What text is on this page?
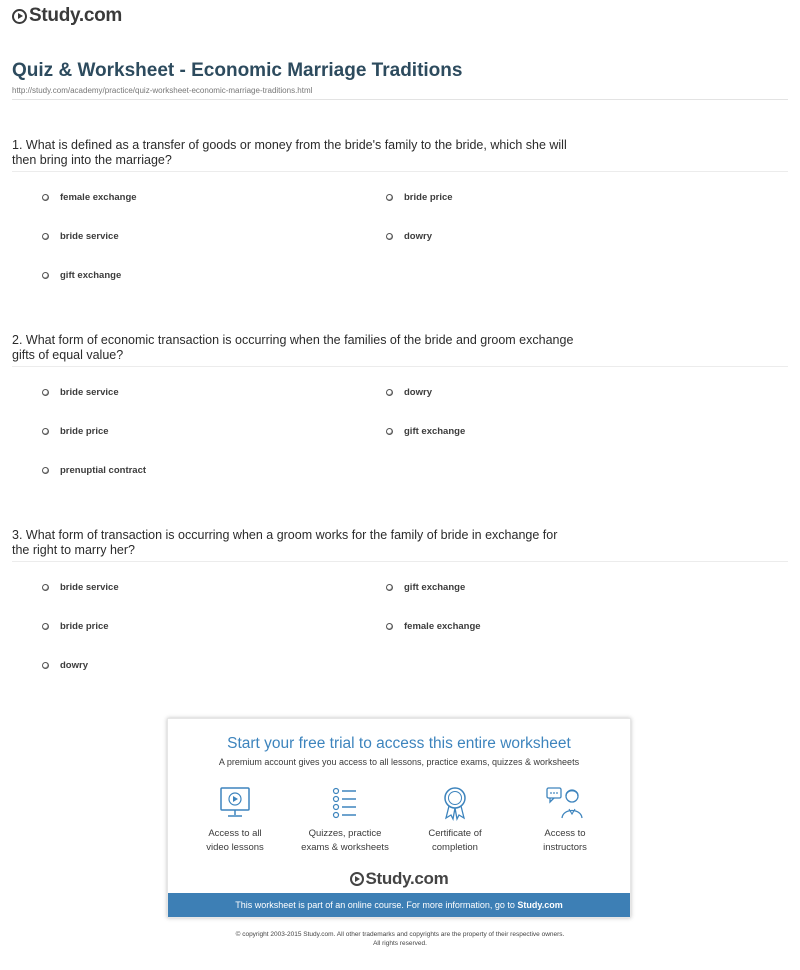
Study.com
Quiz & Worksheet - Economic Marriage Traditions
http://study.com/academy/practice/quiz-worksheet-economic-marriage-traditions.html
1. What is defined as a transfer of goods or money from the bride's family to the bride, which she will
then bring into the marriage?
female exchange	bride price
bride service	dowry
gift exchange
2. What form of economic transaction is occurring when the families of the bride and groom exchange
gifts of equal value?
bride service	dowry
bride price	gift exchange
prenuptial contract
3. What form of transaction is occurring when a groom works for the family of bride in exchange for
the right to marry her?
bride service	gift exchange
bride price	female exchange
dowry
Start your free trial to access this entire worksheet
A premium account gives you access to all lessons, practice exams, quizzes & worksheets
Access to all
video lessons
Quizzes, practice
exams & worksheets
Certificate of
completion
Access to
instructors
Study.com
This worksheet is part of an online course. For more information, go to Study.com
© copyright 2003-2015 Study.com. All other trademarks and copyrights are the property of their respective owners.
All rights reserved.
